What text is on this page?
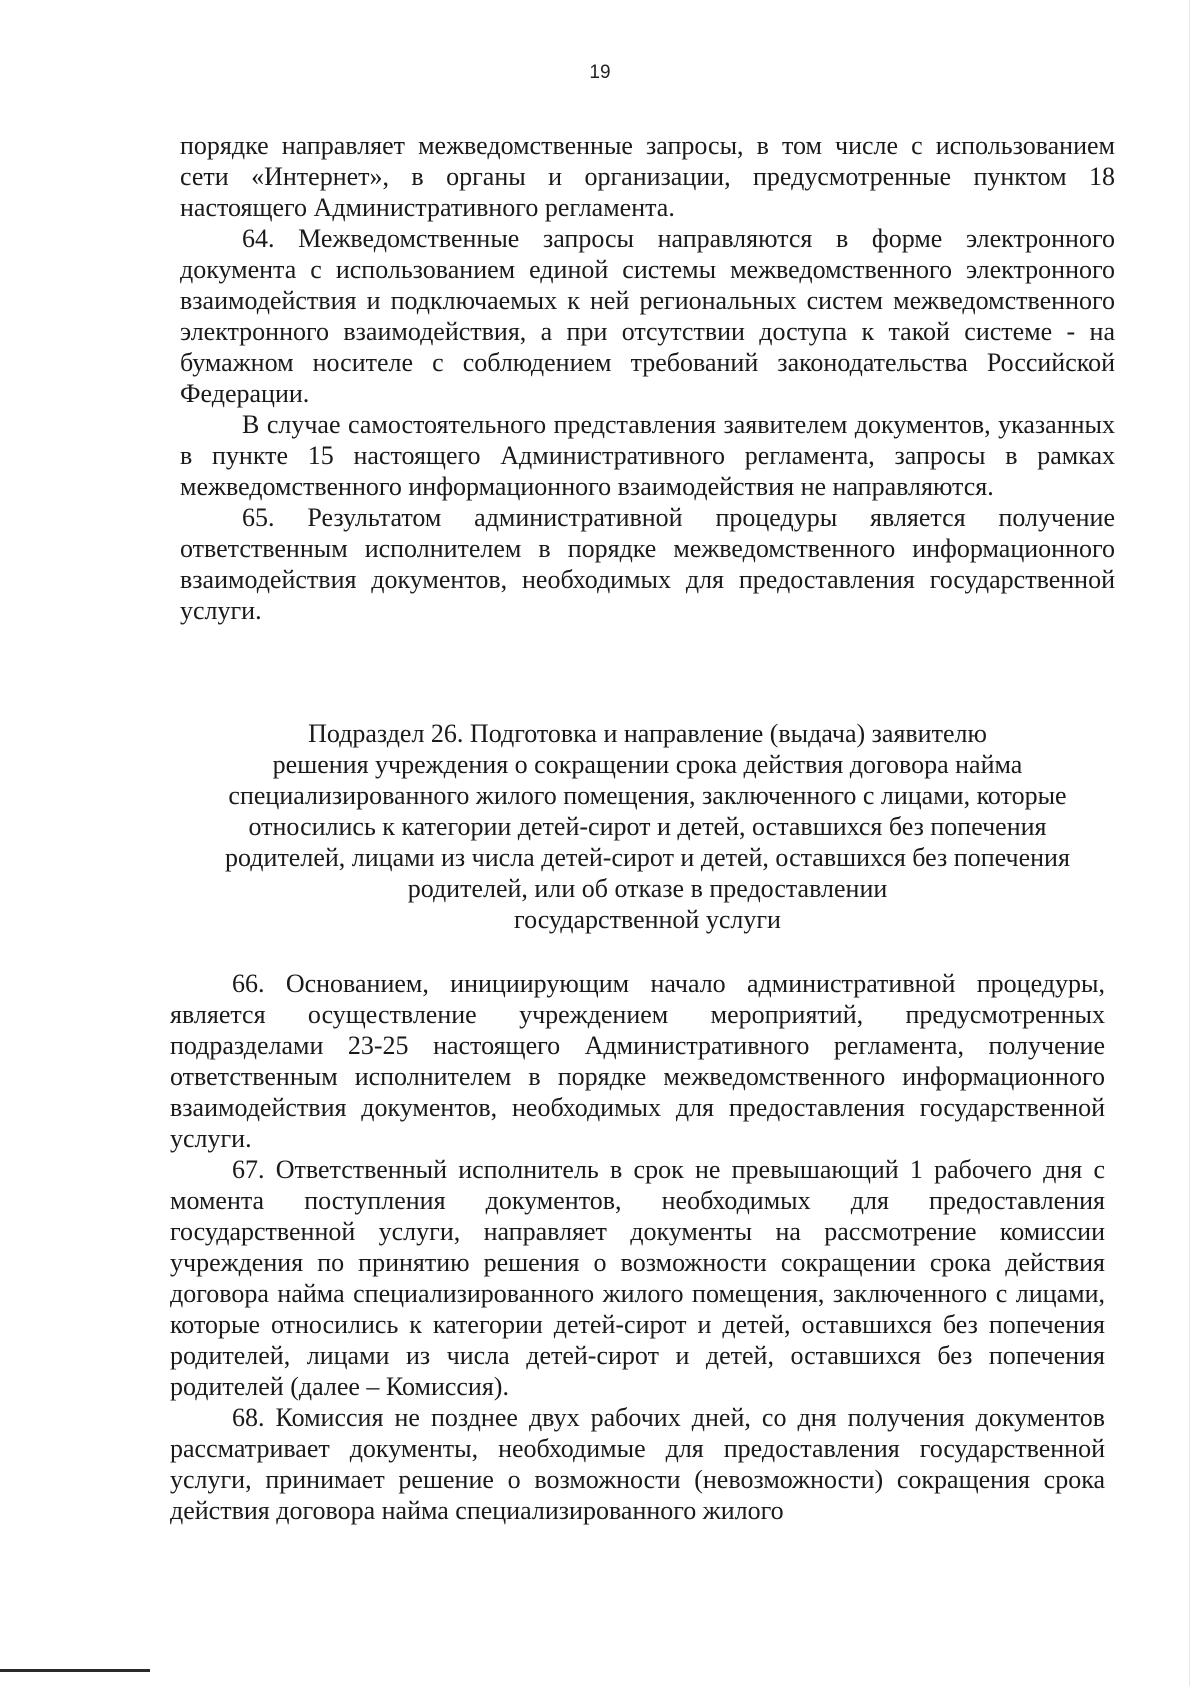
19

порядке направляет межведомственные запросы, в том числе с использованием сети «Интернет», в органы и организации, предусмотренные пунктом 18 настоящего Административного регламента.

64. Межведомственные запросы направляются в форме электронного документа с использованием единой системы межведомственного электронного взаимодействия и подключаемых к ней региональных систем межведомственного электронного взаимодействия, а при отсутствии доступа к такой системе - на бумажном носителе с соблюдением требований законодательства Российской Федерации.

В случае самостоятельного представления заявителем документов, указанных в пункте 15 настоящего Административного регламента, запросы в рамках межведомственного информационного взаимодействия не направляются.

65. Результатом административной процедуры является получение ответственным исполнителем в порядке межведомственного информационного взаимодействия документов, необходимых для предоставления государственной услуги.

Подраздел 26. Подготовка и направление (выдача) заявителю
решения учреждения о сокращении срока действия договора найма
специализированного жилого помещения, заключенного с лицами, которые
относились к категории детей-сирот и детей, оставшихся без попечения
родителей, лицами из числа детей-сирот и детей, оставшихся без попечения
родителей, или об отказе в предоставлении
государственной услуги

66. Основанием, инициирующим начало административной процедуры, является осуществление учреждением мероприятий, предусмотренных подразделами 23-25 настоящего Административного регламента, получение ответственным исполнителем в порядке межведомственного информационного взаимодействия документов, необходимых для предоставления государственной услуги.

67. Ответственный исполнитель в срок не превышающий 1 рабочего дня с момента поступления документов, необходимых для предоставления государственной услуги, направляет документы на рассмотрение комиссии учреждения по принятию решения о возможности сокращении срока действия договора найма специализированного жилого помещения, заключенного с лицами, которые относились к категории детей-сирот и детей, оставшихся без попечения родителей, лицами из числа детей-сирот и детей, оставшихся без попечения родителей (далее – Комиссия).

68. Комиссия не позднее двух рабочих дней, со дня получения документов рассматривает документы, необходимые для предоставления государственной услуги, принимает решение о возможности (невозможности) сокращения срока действия договора найма специализированного жилого
